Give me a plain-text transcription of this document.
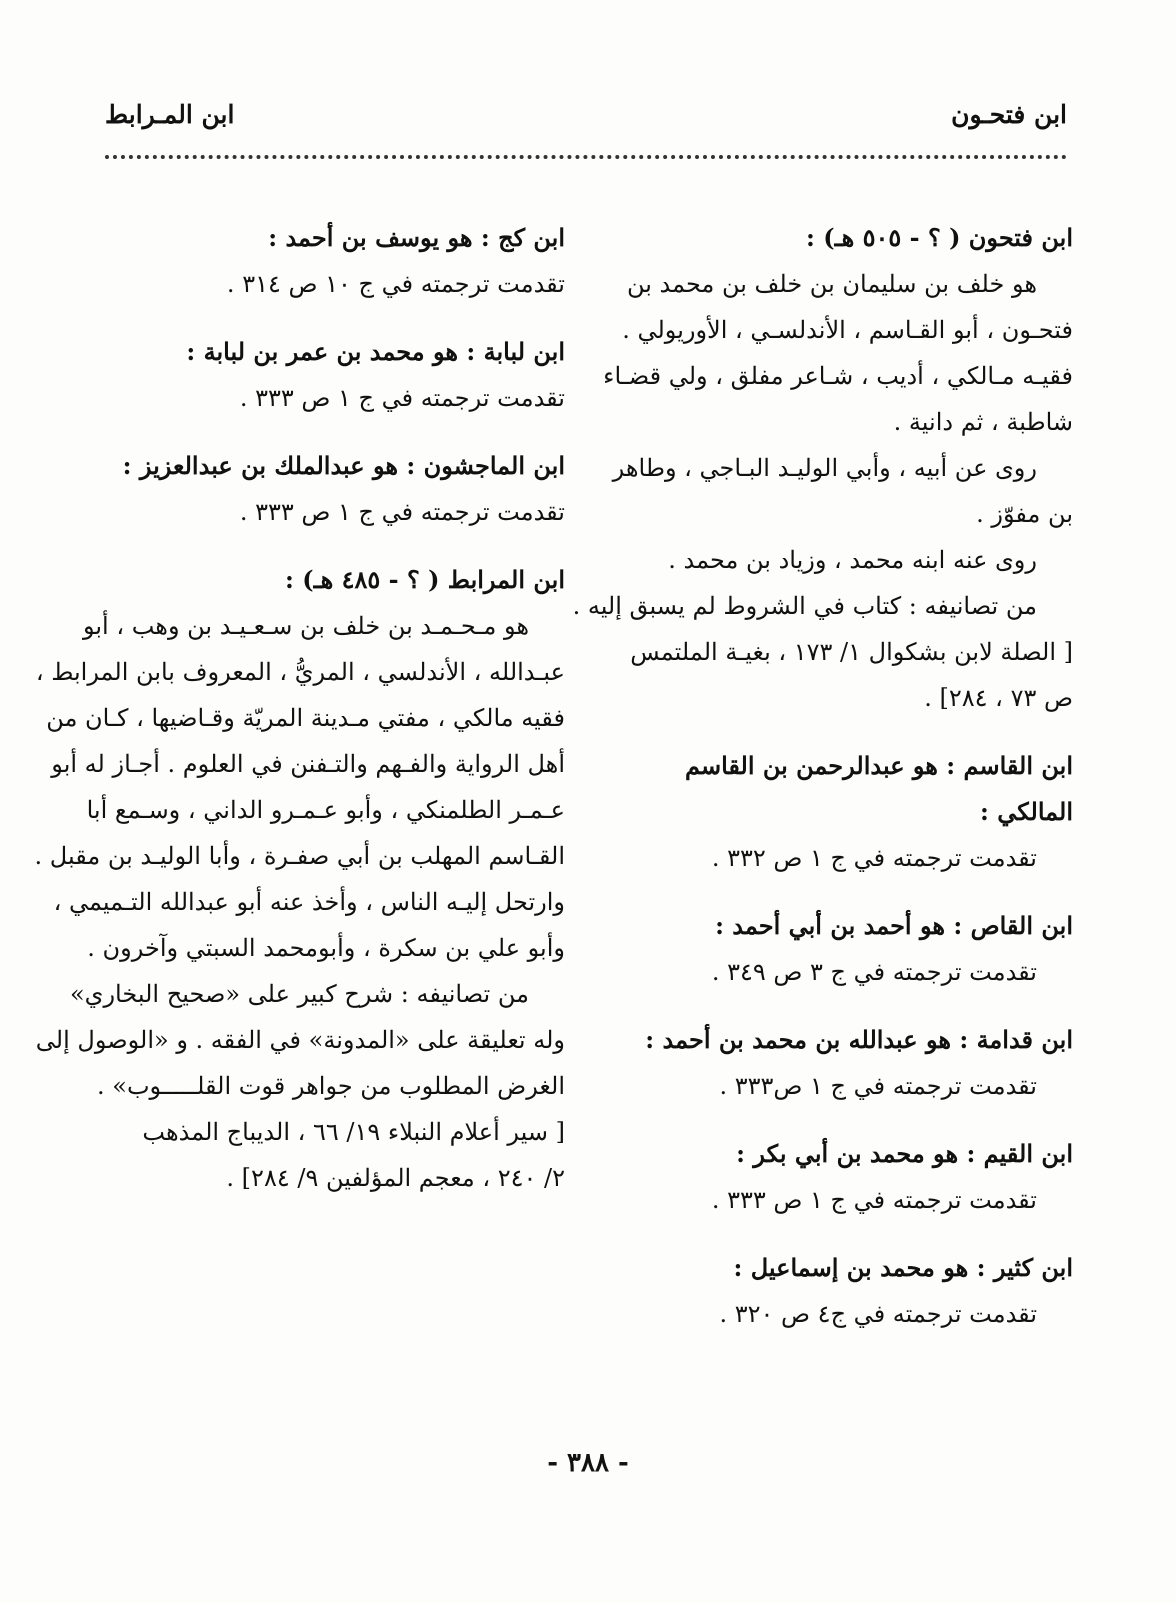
ابن فتحـون
ابن المـرابط
ابن فتحون ( ؟ - ٥٠٥ هـ) :
هو خلف بن سليمان بن خلف بن محمد بن
فتحـون ، أبو القـاسم ، الأندلسـي ، الأوريولي .
فقيـه مـالكي ، أديب ، شـاعر مفلق ، ولي قضـاء
شاطبة ، ثم دانية .
روى عن أبيه ، وأبي الوليـد البـاجي ، وطاهر
بن مفوّز .
روى عنه ابنه محمد ، وزياد بن محمد .
من تصانيفه : كتاب في الشروط لم يسبق إليه .
[ الصلة لابن بشكوال ١/ ١٧٣ ، بغيـة الملتمس
ص ٧٣ ، ٢٨٤] .
ابن القاسم : هو عبدالرحمن بن القاسم المالكي :
تقدمت ترجمته في ج ١ ص ٣٣٢ .
ابن القاص : هو أحمد بن أبي أحمد :
تقدمت ترجمته في ج ٣ ص ٣٤٩ .
ابن قدامة : هو عبدالله بن محمد بن أحمد :
تقدمت ترجمته في ج ١ ص٣٣٣ .
ابن القيم : هو محمد بن أبي بكر :
تقدمت ترجمته في ج ١ ص ٣٣٣ .
ابن كثير : هو محمد بن إسماعيل :
تقدمت ترجمته في ج٤ ص ٣٢٠ .
ابن كج : هو يوسف بن أحمد :
تقدمت ترجمته في ج ١٠ ص ٣١٤ .
ابن لبابة : هو محمد بن عمر بن لبابة :
تقدمت ترجمته في ج ١ ص ٣٣٣ .
ابن الماجشون : هو عبدالملك بن عبدالعزيز :
تقدمت ترجمته في ج ١ ص ٣٣٣ .
ابن المرابط ( ؟ - ٤٨٥ هـ) :
هو مـحـمـد بن خلف بن سـعـيـد بن وهب ، أبو
عبـدالله ، الأندلسي ، المريُّ ، المعروف بابن المرابط ،
فقيه مالكي ، مفتي مـدينة المريّة وقـاضيها ، كـان من
أهل الرواية والفـهم والتـفنن في العلوم . أجـاز له أبو
عـمـر الطلمنكي ، وأبو عـمـرو الداني ، وسـمع أبا
القـاسم المهلب بن أبي صفـرة ، وأبا الوليـد بن مقبل .
وارتحل إليـه الناس ، وأخذ عنه أبو عبدالله التـميمي ،
وأبو علي بن سكرة ، وأبومحمد السبتي وآخرون .
من تصانيفه : شرح كبير على «صحيح البخاري»
وله تعليقة على «المدونة» في الفقه . و «الوصول إلى
الغرض المطلوب من جواهر قوت القلـــــوب» .
[ سير أعلام النبلاء ١٩/ ٦٦ ، الديباج المذهب
٢/ ٢٤٠ ، معجم المؤلفين ٩/ ٢٨٤] .
- ٣٨٨ -
